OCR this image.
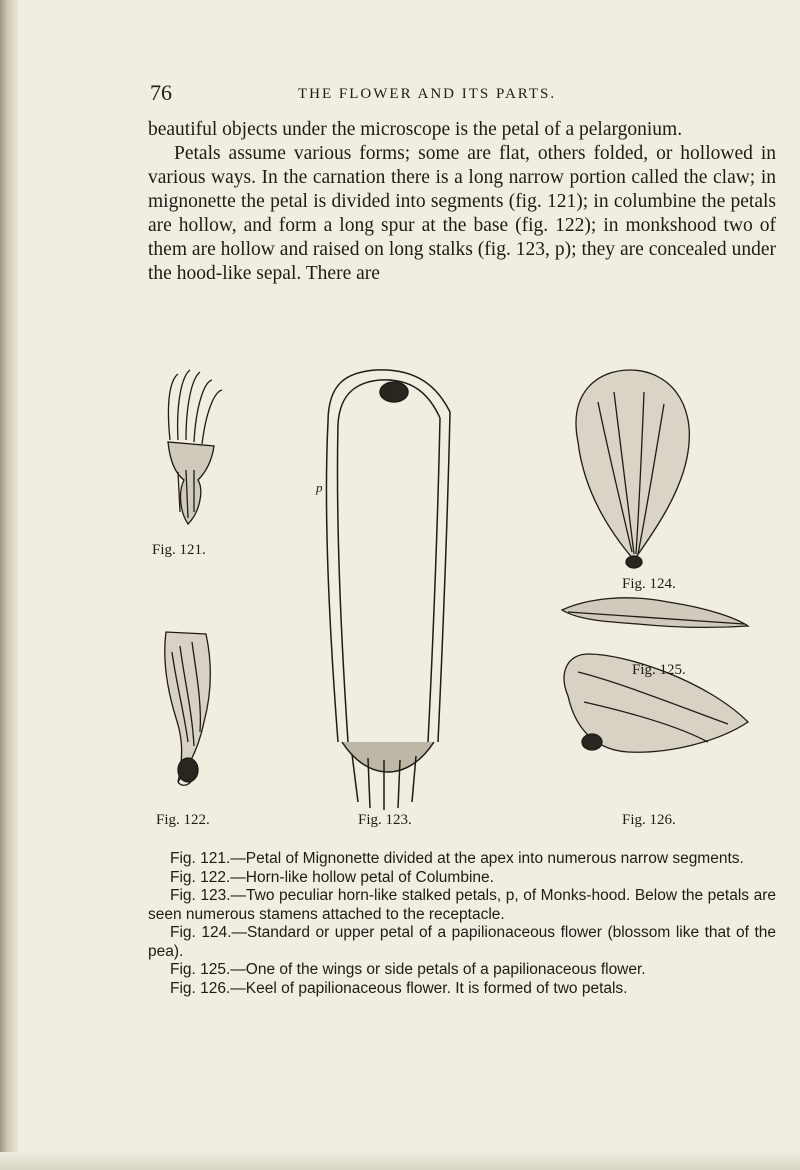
76	THE FLOWER AND ITS PARTS.

beautiful objects under the microscope is the petal of a pelargonium.

Petals assume various forms; some are flat, others folded, or hollowed in various ways. In the carnation there is a long narrow portion called the claw; in mignonette the petal is divided into segments (fig. 121); in columbine the petals are hollow, and form a long spur at the base (fig. 122); in monkshood two of them are hollow and raised on long stalks (fig. 123, p); they are concealed under the hood-like sepal. There are

Fig. 121.
Fig. 122.	Fig. 123.
p
Fig. 124.
Fig. 125.
Fig. 126.

Fig. 121.—Petal of Mignonette divided at the apex into numerous narrow segments.

Fig. 122.—Horn-like hollow petal of Columbine.

Fig. 123.—Two peculiar horn-like stalked petals, p, of Monks-hood. Below the petals are seen numerous stamens attached to the receptacle.

Fig. 124.—Standard or upper petal of a papilionaceous flower (blossom like that of the pea).

Fig. 125.—One of the wings or side petals of a papilionaceous flower.

Fig. 126.—Keel of papilionaceous flower. It is formed of two petals.
